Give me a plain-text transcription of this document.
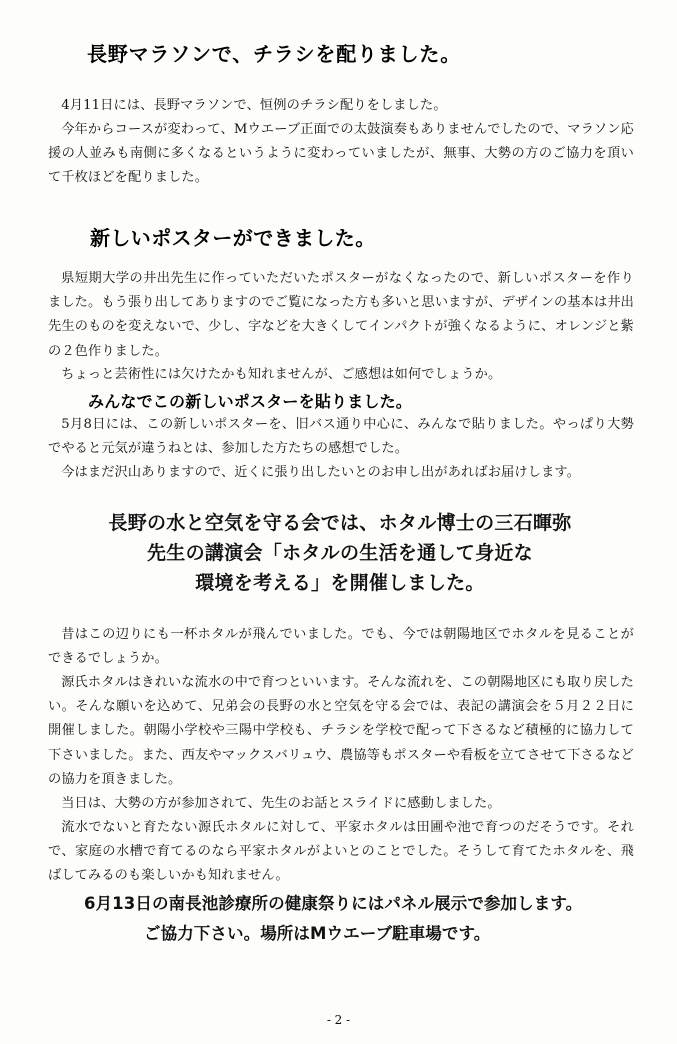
長野マラソンで、チラシを配りました。

4月11日には、長野マラソンで、恒例のチラシ配りをしました。

今年からコースが変わって、Mウエーブ正面での太鼓演奏もありませんでしたので、マラソン応援の人並みも南側に多くなるというように変わっていましたが、無事、大勢の方のご協力を頂いて千枚ほどを配りました。

新しいポスターができました。

県短期大学の井出先生に作っていただいたポスターがなくなったので、新しいポスターを作りました。もう張り出してありますのでご覧になった方も多いと思いますが、デザインの基本は井出先生のものを変えないで、少し、字などを大きくしてインパクトが強くなるように、オレンジと紫の２色作りました。

ちょっと芸術性には欠けたかも知れませんが、ご感想は如何でしょうか。

みんなでこの新しいポスターを貼りました。

5月8日には、この新しいポスターを、旧バス通り中心に、みんなで貼りました。やっぱり大勢でやると元気が違うねとは、参加した方たちの感想でした。

今はまだ沢山ありますので、近くに張り出したいとのお申し出があればお届けします。

長野の水と空気を守る会では、ホタル博士の三石暉弥
先生の講演会「ホタルの生活を通して身近な
環境を考える」を開催しました。

昔はこの辺りにも一杯ホタルが飛んでいました。でも、今では朝陽地区でホタルを見ることができるでしょうか。

源氏ホタルはきれいな流水の中で育つといいます。そんな流れを、この朝陽地区にも取り戻したい。そんな願いを込めて、兄弟会の長野の水と空気を守る会では、表記の講演会を５月２２日に開催しました。朝陽小学校や三陽中学校も、チラシを学校で配って下さるなど積極的に協力して下さいました。また、西友やマックスバリュウ、農協等もポスターや看板を立てさせて下さるなどの協力を頂きました。

当日は、大勢の方が参加されて、先生のお話とスライドに感動しました。

流水でないと育たない源氏ホタルに対して、平家ホタルは田圃や池で育つのだそうです。それで、家庭の水槽で育てるのなら平家ホタルがよいとのことでした。そうして育てたホタルを、飛ばしてみるのも楽しいかも知れません。

6月13日の南長池診療所の健康祭りにはパネル展示で参加します。
ご協力下さい。場所はMウエーブ駐車場です。
- 2 -
